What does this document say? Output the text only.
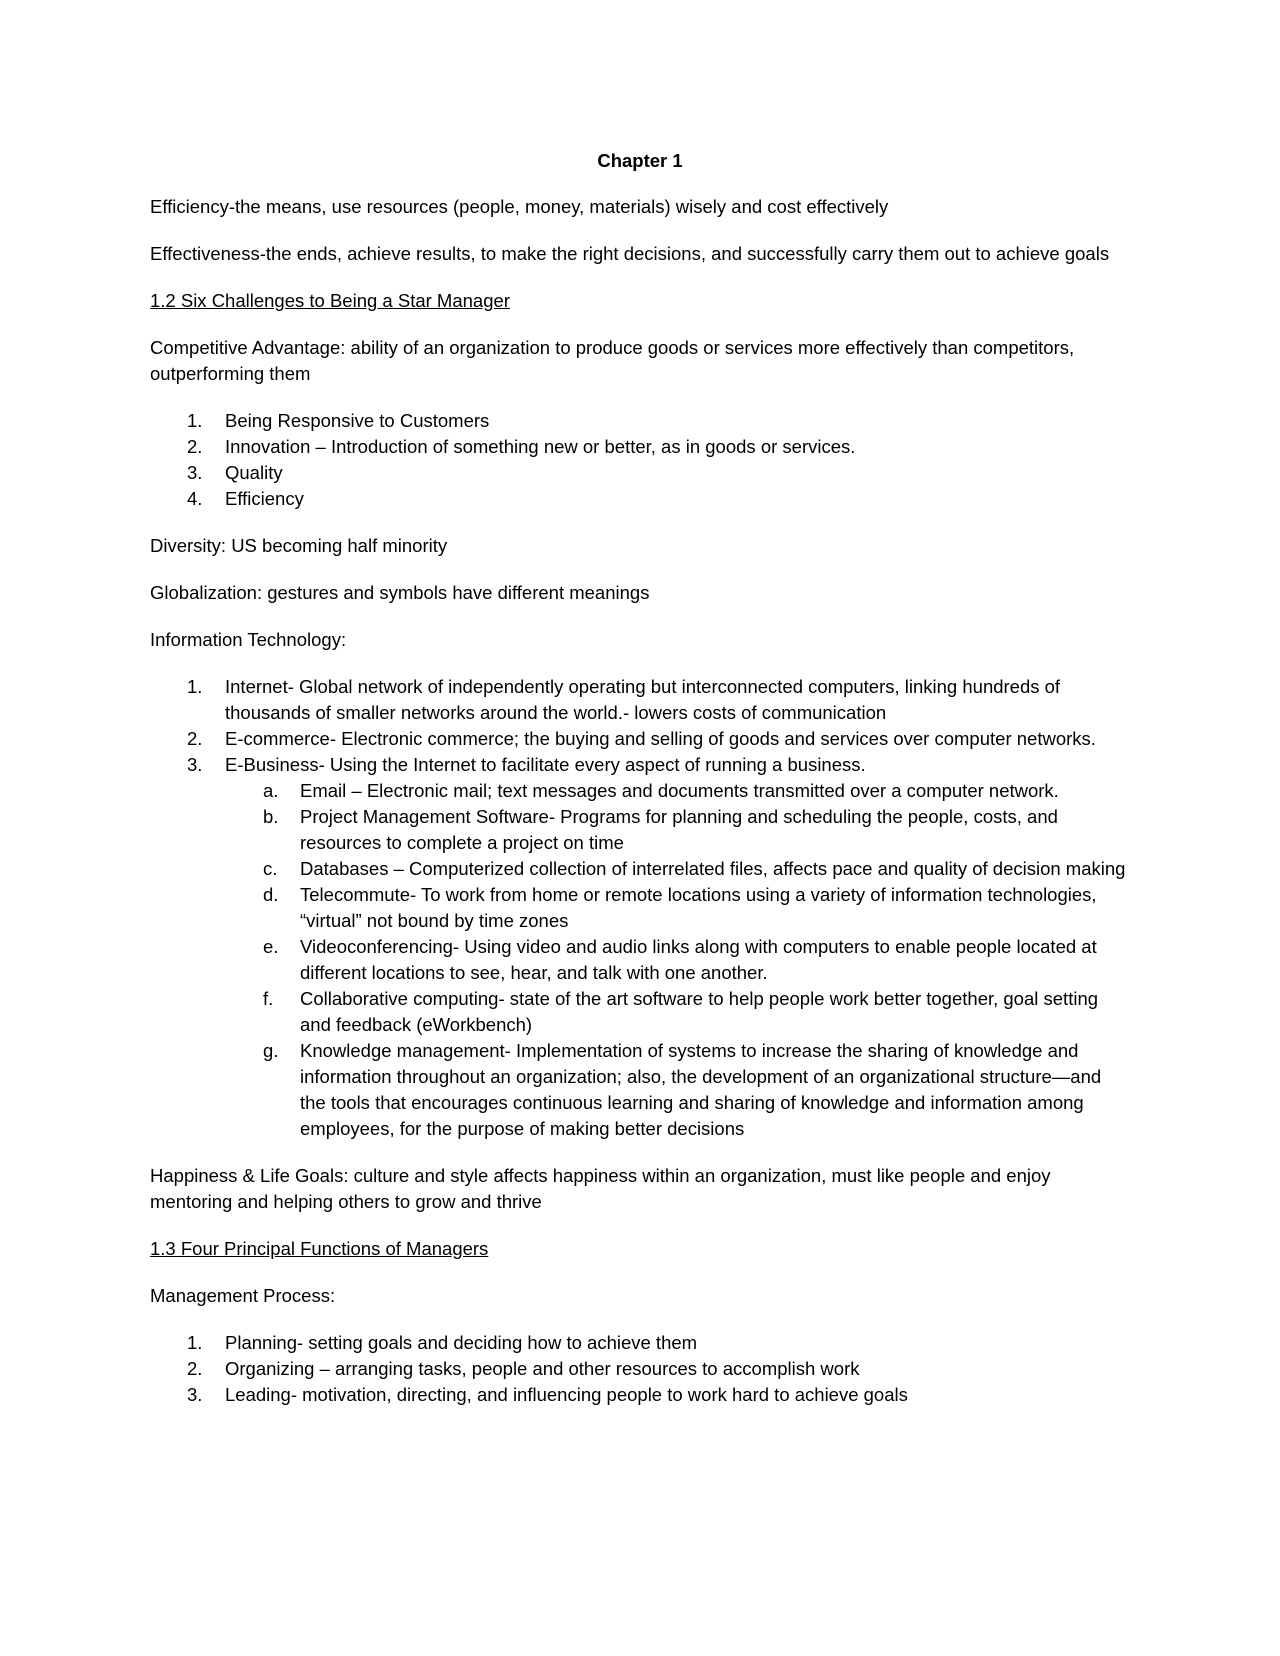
Chapter 1

Efficiency-the means, use resources (people, money, materials) wisely and cost effectively

Effectiveness-the ends, achieve results, to make the right decisions, and successfully carry them out to achieve goals

1.2 Six Challenges to Being a Star Manager

Competitive Advantage: ability of an organization to produce goods or services more effectively than competitors, outperforming them

1. Being Responsive to Customers
2. Innovation – Introduction of something new or better, as in goods or services.
3. Quality
4. Efficiency

Diversity: US becoming half minority

Globalization: gestures and symbols have different meanings

Information Technology:

1. Internet- Global network of independently operating but interconnected computers, linking hundreds of thousands of smaller networks around the world.- lowers costs of communication
2. E-commerce- Electronic commerce; the buying and selling of goods and services over computer networks.
3. E-Business- Using the Internet to facilitate every aspect of running a business.
a. Email – Electronic mail; text messages and documents transmitted over a computer network.
b. Project Management Software- Programs for planning and scheduling the people, costs, and resources to complete a project on time
c. Databases – Computerized collection of interrelated files, affects pace and quality of decision making
d. Telecommute- To work from home or remote locations using a variety of information technologies, “virtual” not bound by time zones
e. Videoconferencing- Using video and audio links along with computers to enable people located at different locations to see, hear, and talk with one another.
f. Collaborative computing- state of the art software to help people work better together, goal setting and feedback (eWorkbench)
g. Knowledge management- Implementation of systems to increase the sharing of knowledge and information throughout an organization; also, the development of an organizational structure—and the tools that encourages continuous learning and sharing of knowledge and information among employees, for the purpose of making better decisions

Happiness & Life Goals: culture and style affects happiness within an organization, must like people and enjoy mentoring and helping others to grow and thrive

1.3 Four Principal Functions of Managers

Management Process:

1. Planning- setting goals and deciding how to achieve them
2. Organizing – arranging tasks, people and other resources to accomplish work
3. Leading- motivation, directing, and influencing people to work hard to achieve goals
